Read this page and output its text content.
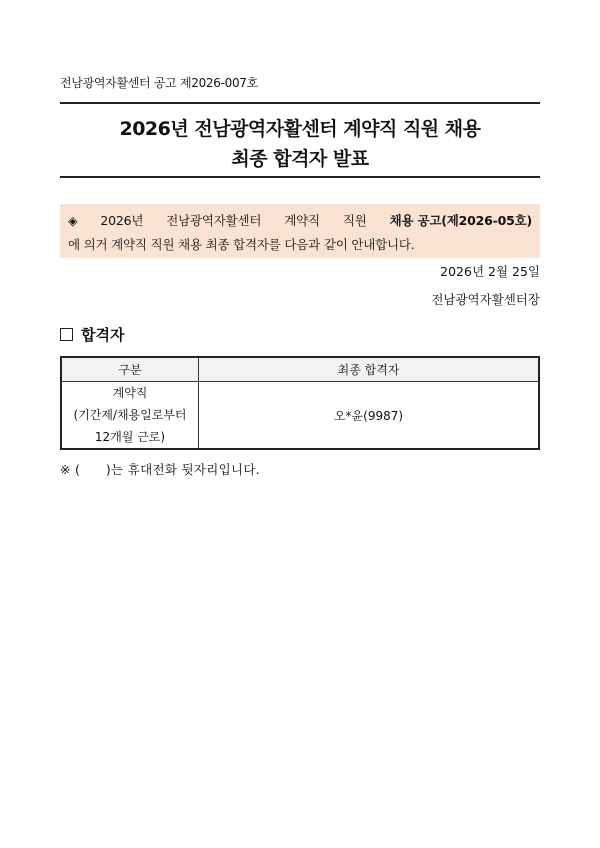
전남광역자활센터 공고 제2026-007호
2026년 전남광역자활센터 계약직 직원 채용
최종 합격자 발표
◈ 2026년 전남광역자활센터 계약직 직원 채용 공고(제2026-05호)
에 의거 계약직 직원 채용 최종 합격자를 다음과 같이 안내합니다.
2026년 2월 25일
전남광역자활센터장
합격자
구분	최종 합격자

계약직
(기간제/채용일로부터
12개월 근로)	오*윤(9987)
※ (      )는 휴대전화 뒷자리입니다.
